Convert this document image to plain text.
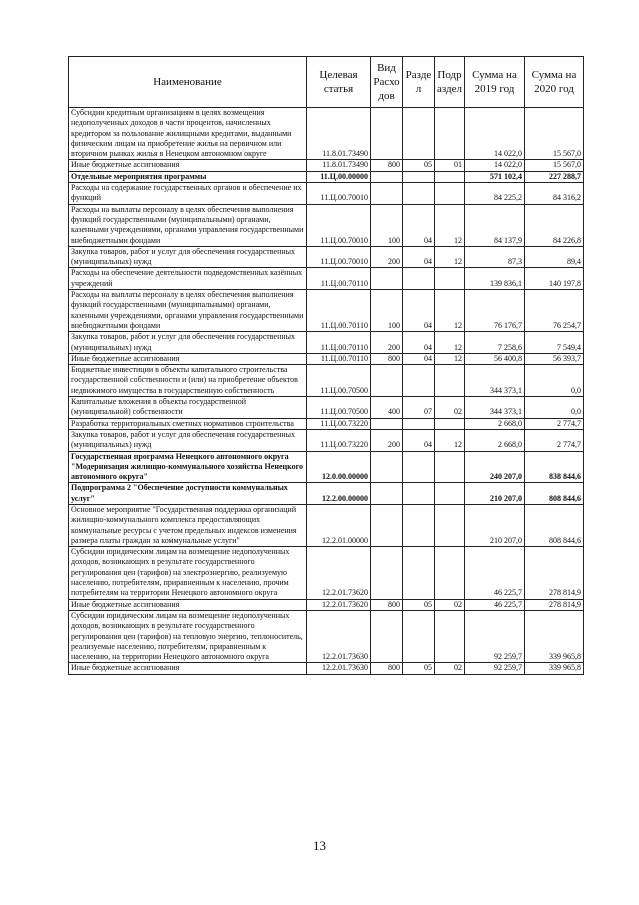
Наименование	Целевая статья	Вид Расхо дов	Разде л	Подр аздел	Сумма на 2019 год	Сумма на 2020 год
Субсидии кредитным организациям в целях возмещения недополученных доходов в части процентов, начисленных кредитором за пользование жилищными кредитами, выданными физическим лицам на приобретение жилья на первичном или вторичном рынках жилья в Ненецком автономном округе	11.8.01.73490				14 022,0	15 567,0
Иные бюджетные ассигнования	11.8.01.73490	800	05	01	14 022,0	15 567,0
Отдельные мероприятия программы	11.Ц.00.00000				571 102,4	227 288,7
Расходы на содержание государственных органов и обеспечение их функций	11.Ц.00.70010				84 225,2	84 316,2
Расходы на выплаты персоналу в целях обеспечения выполнения функций государственными (муниципальными) органами, казенными учреждениями, органами управления государственными внебюджетными фондами	11.Ц.00.70010	100	04	12	84 137,9	84 226,8
Закупка товаров, работ и услуг для обеспечения государственных (муниципальных) нужд	11.Ц.00.70010	200	04	12	87,3	89,4
Расходы на обеспечение деятельности подведомственных казённых учреждений	11.Ц.00.70110				139 836,1	140 197,8
Расходы на выплаты персоналу в целях обеспечения выполнения функций государственными (муниципальными) органами, казенными учреждениями, органами управления государственными внебюджетными фондами	11.Ц.00.70110	100	04	12	76 176,7	76 254,7
Закупка товаров, работ и услуг для обеспечения государственных (муниципальных) нужд	11.Ц.00.70110	200	04	12	7 258,6	7 549,4
Иные бюджетные ассигнования	11.Ц.00.70110	800	04	12	56 400,8	56 393,7
Бюджетные инвестиции в объекты капитального строительства государственной собственности и (или) на приобретение объектов недвижимого имущества в государственную собственность	11.Ц.00.70500				344 373,1	0,0
Капитальные вложения в объекты государственной (муниципальной) собственности	11.Ц.00.70500	400	07	02	344 373,1	0,0
Разработка территориальных сметных нормативов строительства	11.Ц.00.73220				2 668,0	2 774,7
Закупка товаров, работ и услуг для обеспечения государственных (муниципальных) нужд	11.Ц.00.73220	200	04	12	2 668,0	2 774,7
Государственная программа Ненецкого автономного округа "Модернизация жилищно-коммунального хозяйства Ненецкого автономного округа"	12.0.00.00000				240 207,0	838 844,6
Подпрограмма 2 "Обеспечение доступности коммунальных услуг"	12.2.00.00000				210 207,0	808 844,6
Основное мероприятие "Государственная поддержка организаций жилищно-коммунального комплекса предоставляющих коммунальные ресурсы с учетом предельных индексов изменения размера платы граждан за коммунальные услуги"	12.2.01.00000				210 207,0	808 844,6
Субсидии юридическим лицам на возмещение недополученных доходов, возникающих в результате государственного регулирования цен (тарифов) на электроэнергию, реализуемую населению, потребителям, приравненным к населению, прочим потребителям на территории Ненецкого автономного округа	12.2.01.73620				46 225,7	278 814,9
Иные бюджетные ассигнования	12.2.01.73620	800	05	02	46 225,7	278 814,9
Субсидии юридическим лицам на возмещение недополученных доходов, возникающих в результате государственного регулирования цен (тарифов) на тепловую энергию, теплоноситель, реализуемые населению, потребителям, приравненным к населению, на территории Ненецкого автономного округа	12.2.01.73630				92 259,7	339 965,8
Иные бюджетные ассигнования	12.2.01.73630	800	05	02	92 259,7	339 965,8
13
